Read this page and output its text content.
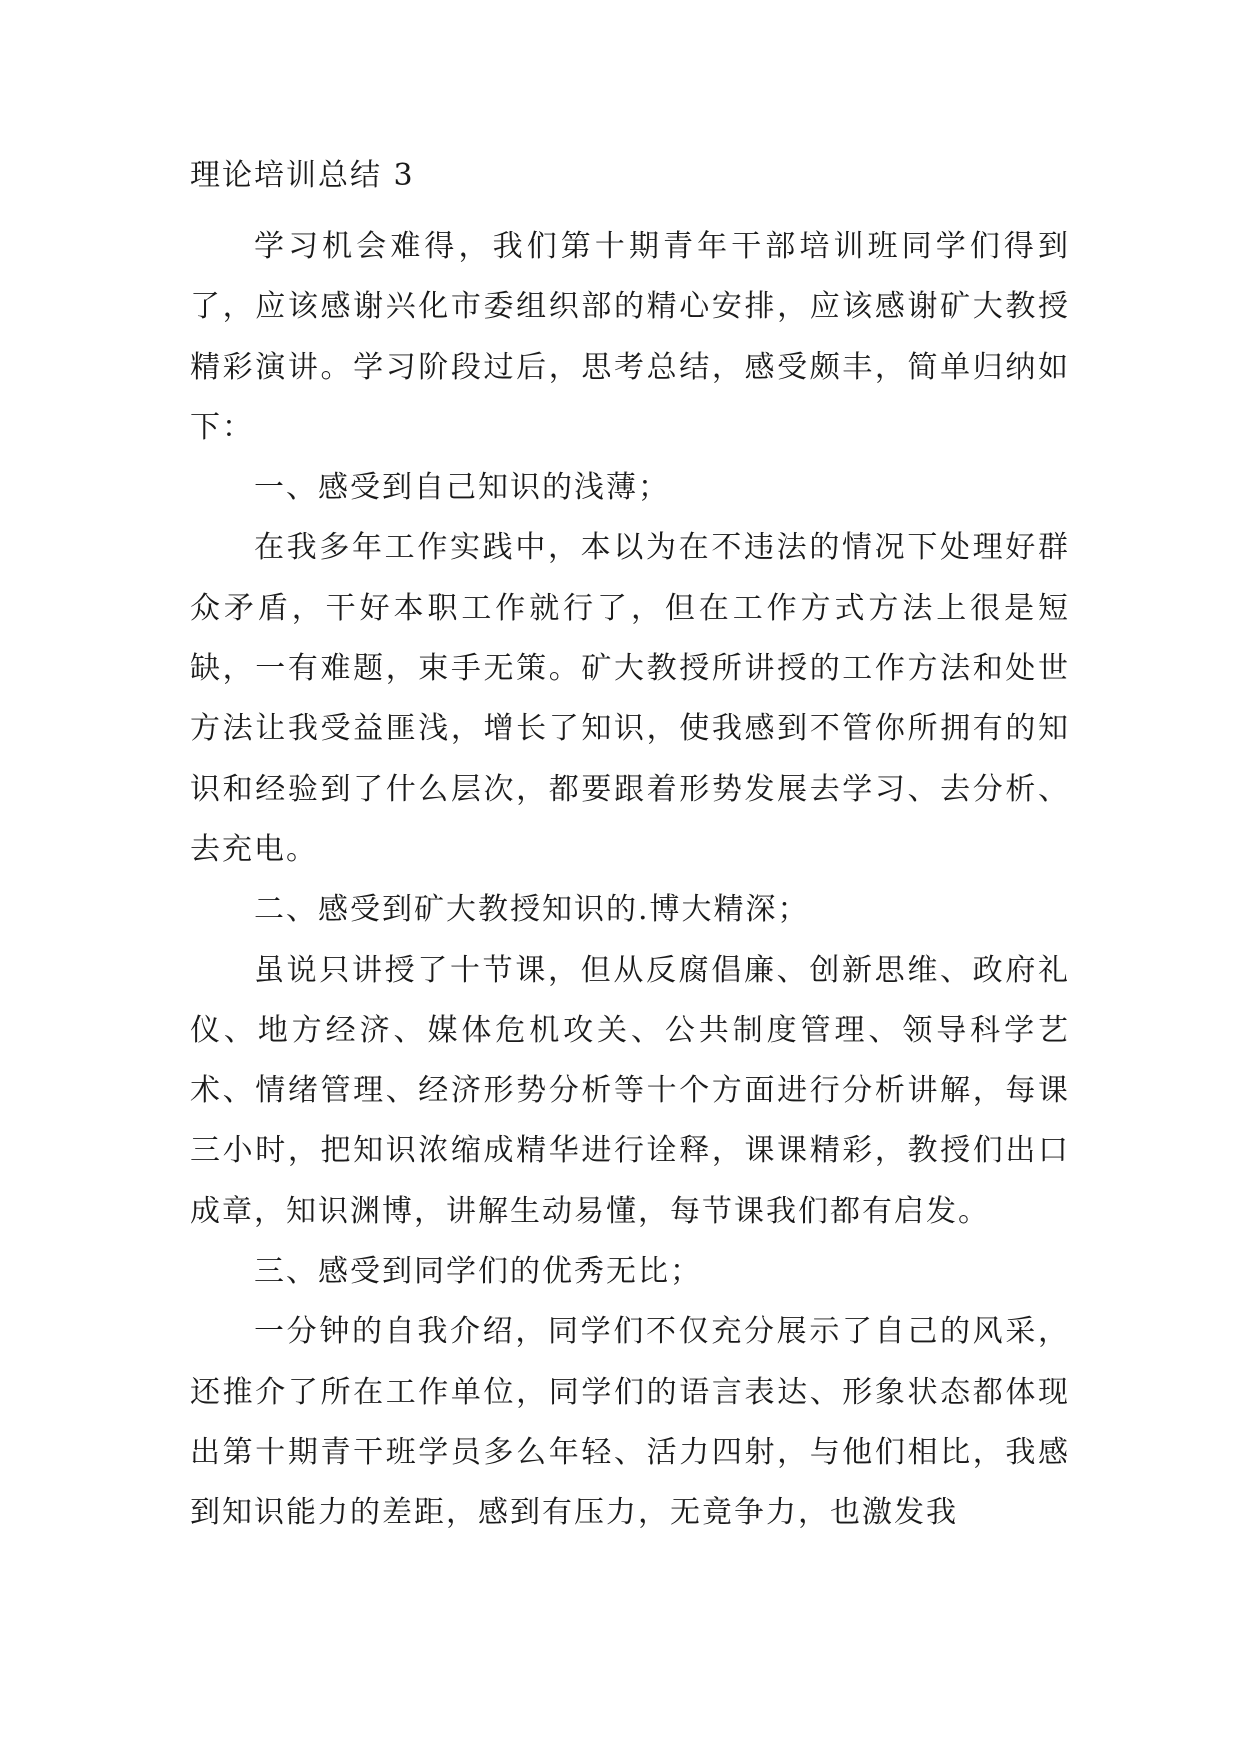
理论培训总结 3

学习机会难得，我们第十期青年干部培训班同学们得到了，应该感谢兴化市委组织部的精心安排，应该感谢矿大教授精彩演讲。学习阶段过后，思考总结，感受颇丰，简单归纳如下：

一、感受到自己知识的浅薄；

在我多年工作实践中，本以为在不违法的情况下处理好群众矛盾，干好本职工作就行了，但在工作方式方法上很是短缺，一有难题，束手无策。矿大教授所讲授的工作方法和处世方法让我受益匪浅，增长了知识，使我感到不管你所拥有的知识和经验到了什么层次，都要跟着形势发展去学习、去分析、去充电。

二、感受到矿大教授知识的.博大精深；

虽说只讲授了十节课，但从反腐倡廉、创新思维、政府礼仪、地方经济、媒体危机攻关、公共制度管理、领导科学艺术、情绪管理、经济形势分析等十个方面进行分析讲解，每课三小时，把知识浓缩成精华进行诠释，课课精彩，教授们出口成章，知识渊博，讲解生动易懂，每节课我们都有启发。

三、感受到同学们的优秀无比；

一分钟的自我介绍，同学们不仅充分展示了自己的风采，还推介了所在工作单位，同学们的语言表达、形象状态都体现出第十期青干班学员多么年轻、活力四射，与他们相比，我感到知识能力的差距，感到有压力，无竟争力，也激发我
